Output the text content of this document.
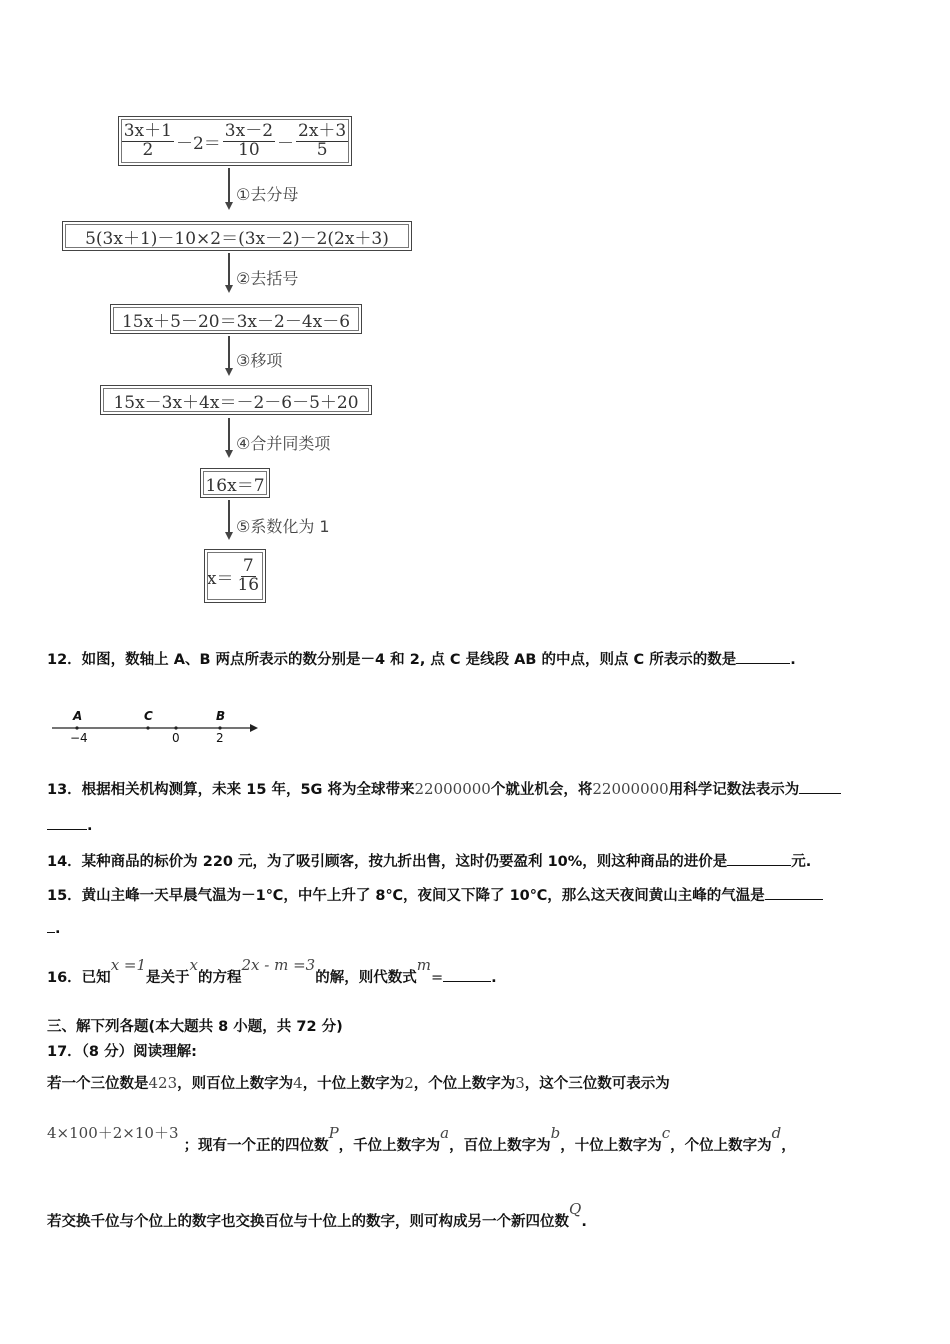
$\frac{3x+1}{2} -2= \frac{3x-2}{10} - \frac{2x+3}{5}$
①去分母
5(3x＋1)－10×2＝(3x－2)－2(2x＋3)
②去括号
15x＋5－20＝3x－2－4x－6
③移项
15x－3x＋4x＝－2－6－5＋20
④合并同类项
16x＝7
⑤系数化为 1
$x= \frac{7}{16}$
12．如图，数轴上 A、B 两点所表示的数分别是－4 和 2, 点 C 是线段 AB 的中点，则点 C 所表示的数是	.
A	C	B
−4	0	2
13．根据相关机构测算，未来 15 年，5G 将为全球带来22000000个就业机会，将22000000用科学记数法表示为
.
14．某种商品的标价为 220 元，为了吸引顾客，按九折出售，这时仍要盈利 10%，则这种商品的进价是	元.
15．黄山主峰一天早晨气温为－1℃，中午上升了 8℃，夜间又下降了 10℃，那么这天夜间黄山主峰的气温是
.
16．已知x =1是关于x的方程2x - m =3的解，则代数式m=	.
三、解下列各题(本大题共 8 小题，共 72 分)
17．（8 分）阅读理解:
若一个三位数是423，则百位上数字为4，十位上数字为2，个位上数字为3，这个三位数可表示为
4×100＋2×10＋3 ；现有一个正的四位数P，千位上数字为a，百位上数字为b，十位上数字为c，个位上数字为d，
若交换千位与个位上的数字也交换百位与十位上的数字，则可构成另一个新四位数Q.
